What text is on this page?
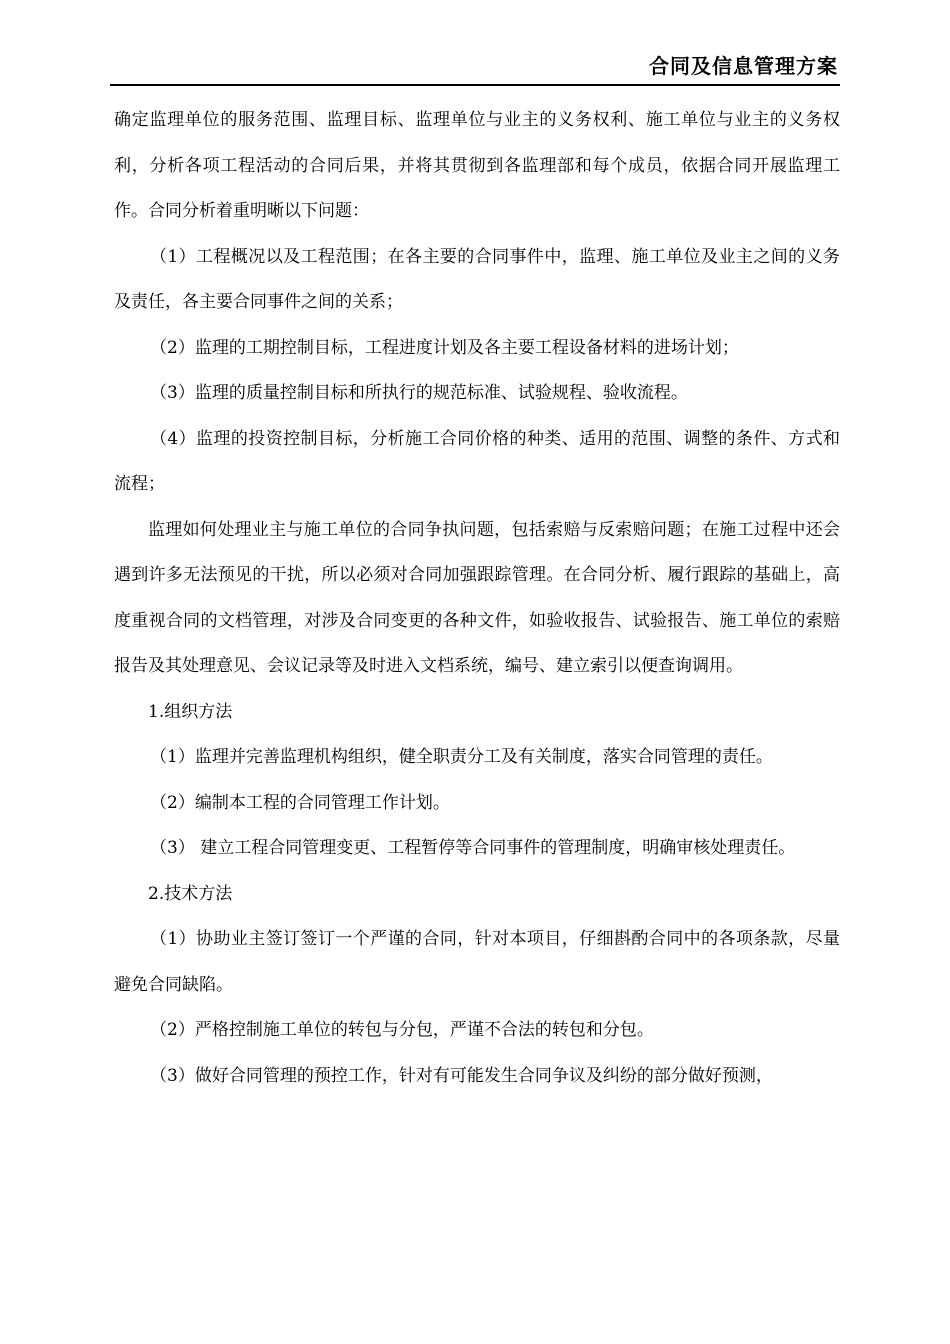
合同及信息管理方案

确定监理单位的服务范围、监理目标、监理单位与业主的义务权利、施工单位与业主的义务权利，分析各项工程活动的合同后果，并将其贯彻到各监理部和每个成员，依据合同开展监理工作。合同分析着重明晰以下问题：

（1）工程概况以及工程范围；在各主要的合同事件中，监理、施工单位及业主之间的义务及责任，各主要合同事件之间的关系；

（2）监理的工期控制目标，工程进度计划及各主要工程设备材料的进场计划；

（3）监理的质量控制目标和所执行的规范标准、试验规程、验收流程。

（4）监理的投资控制目标，分析施工合同价格的种类、适用的范围、调整的条件、方式和流程；

监理如何处理业主与施工单位的合同争执问题，包括索赔与反索赔问题；在施工过程中还会遇到许多无法预见的干扰，所以必须对合同加强跟踪管理。在合同分析、履行跟踪的基础上，高度重视合同的文档管理，对涉及合同变更的各种文件，如验收报告、试验报告、施工单位的索赔报告及其处理意见、会议记录等及时进入文档系统，编号、建立索引以便查询调用。

1.组织方法

（1）监理并完善监理机构组织，健全职责分工及有关制度，落实合同管理的责任。

（2）编制本工程的合同管理工作计划。

（3） 建立工程合同管理变更、工程暂停等合同事件的管理制度，明确审核处理责任。

2.技术方法

（1）协助业主签订签订一个严谨的合同，针对本项目，仔细斟酌合同中的各项条款，尽量避免合同缺陷。

（2）严格控制施工单位的转包与分包，严谨不合法的转包和分包。

（3）做好合同管理的预控工作，针对有可能发生合同争议及纠纷的部分做好预测，
